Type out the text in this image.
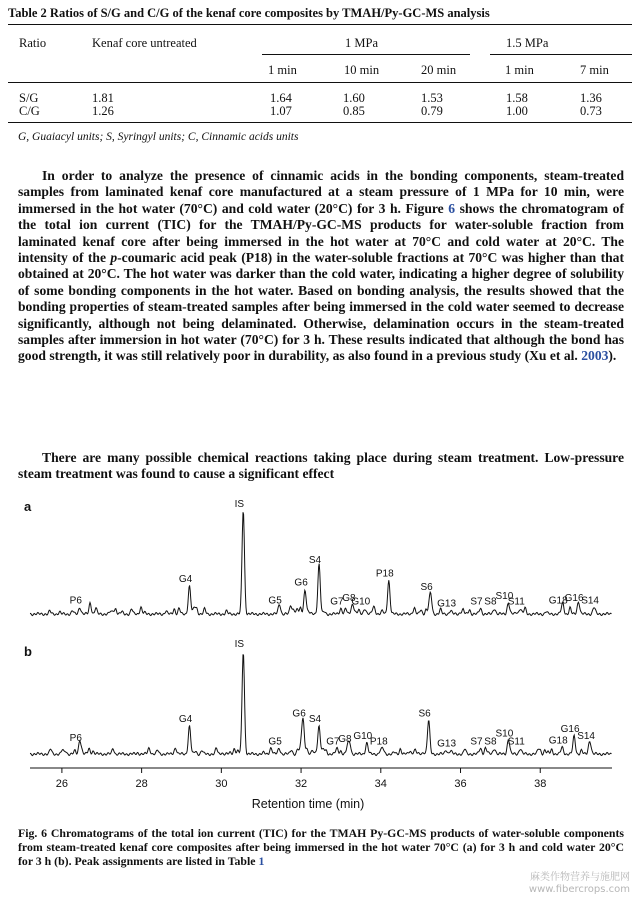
Table 2 Ratios of S/G and C/G of the kenaf core composites by TMAH/Py-GC-MS analysis
Ratio	Kenaf core untreated	1 MPa	1.5 MPa
1 min	10 min	20 min	1 min	7 min
S/G	1.81	1.64	1.60	1.53	1.58	1.36
C/G	1.26	1.07	0.85	0.79	1.00	0.73
G, Guaiacyl units; S, Syringyl units; C, Cinnamic acids units

In order to analyze the presence of cinnamic acids in the bonding components, steam-treated samples from laminated kenaf core manufactured at a steam pressure of 1 MPa for 10 min, were immersed in the hot water (70°C) and cold water (20°C) for 3 h. Figure 6 shows the chromatogram of the total ion current (TIC) for the TMAH/Py-GC-MS products for water-soluble fraction from laminated kenaf core after being immersed in the hot water at 70°C and cold water at 20°C. The intensity of the p-coumaric acid peak (P18) in the water-soluble fractions at 70°C was higher than that obtained at 20°C. The hot water was darker than the cold water, indicating a higher degree of solubility of some bonding components in the hot water. Based on bonding analysis, the results showed that the bonding properties of steam-treated samples after being immersed in the cold water seemed to decrease significantly, although not being delaminated. Otherwise, delamination occurs in the steam-treated samples after immersion in hot water (70°C) for 3 h. These results indicated that although the bond has good strength, it was still relatively poor in durability, as also found in a previous study (Xu et al. 2003).

There are many possible chemical reactions taking place during steam treatment. Low-pressure steam treatment was found to cause a significant effect

a
b
P6
G4
IS
G5
G6
S4
G7
G8
G10
P18
S6
G13 S7 S8
S10
S11 G18
G16
S14
P6
G4
IS
G5
G6
S4
G7
G8 G10
P18
S6
G13 S7 S8
S10
S11 G18
G16
S14
26	28	30	32	34	36	38
Retention time (min)
Fig. 6 Chromatograms of the total ion current (TIC) for the TMAH Py-GC-MS products of water-soluble components from steam-treated kenaf core composites after being immersed in the hot water 70°C (a) for 3 h and cold water 20°C for 3 h (b). Peak assignments are listed in Table 1
麻类作物营养与施肥网
www.fibercrops.com
